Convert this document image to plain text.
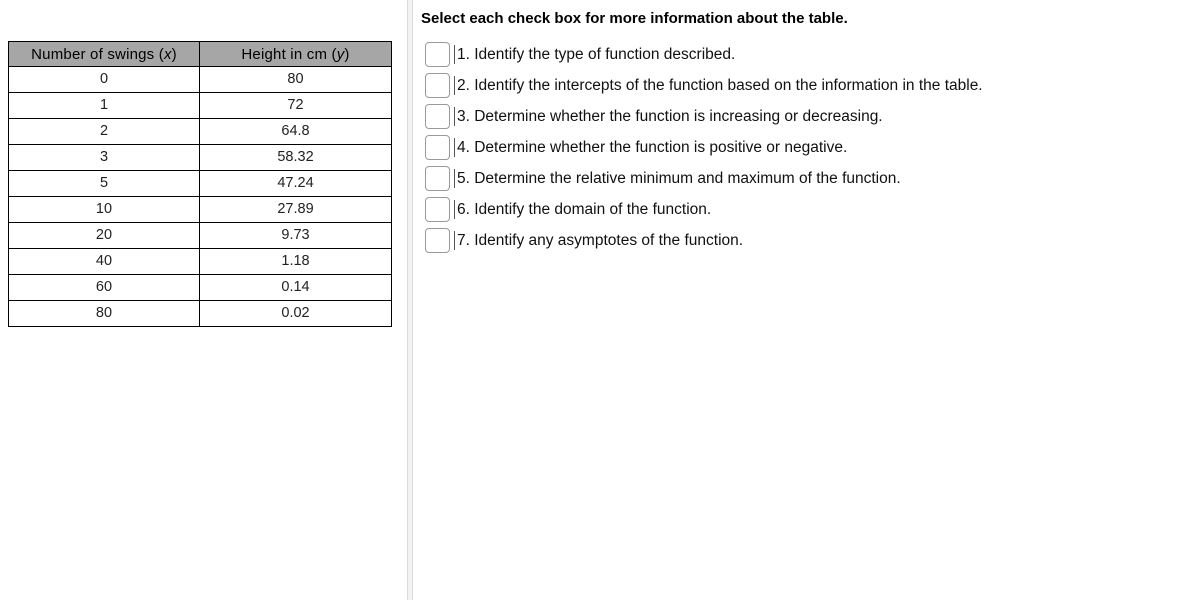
Number of swings (x)	Height in cm (y)
0	80
1	72
2	64.8
3	58.32
5	47.24
10	27.89
20	9.73
40	1.18
60	0.14
80	0.02
Select each check box for more information about the table.
1. Identify the type of function described.
2. Identify the intercepts of the function based on the information in the table.
3. Determine whether the function is increasing or decreasing.
4. Determine whether the function is positive or negative.
5. Determine the relative minimum and maximum of the function.
6. Identify the domain of the function.
7. Identify any asymptotes of the function.
